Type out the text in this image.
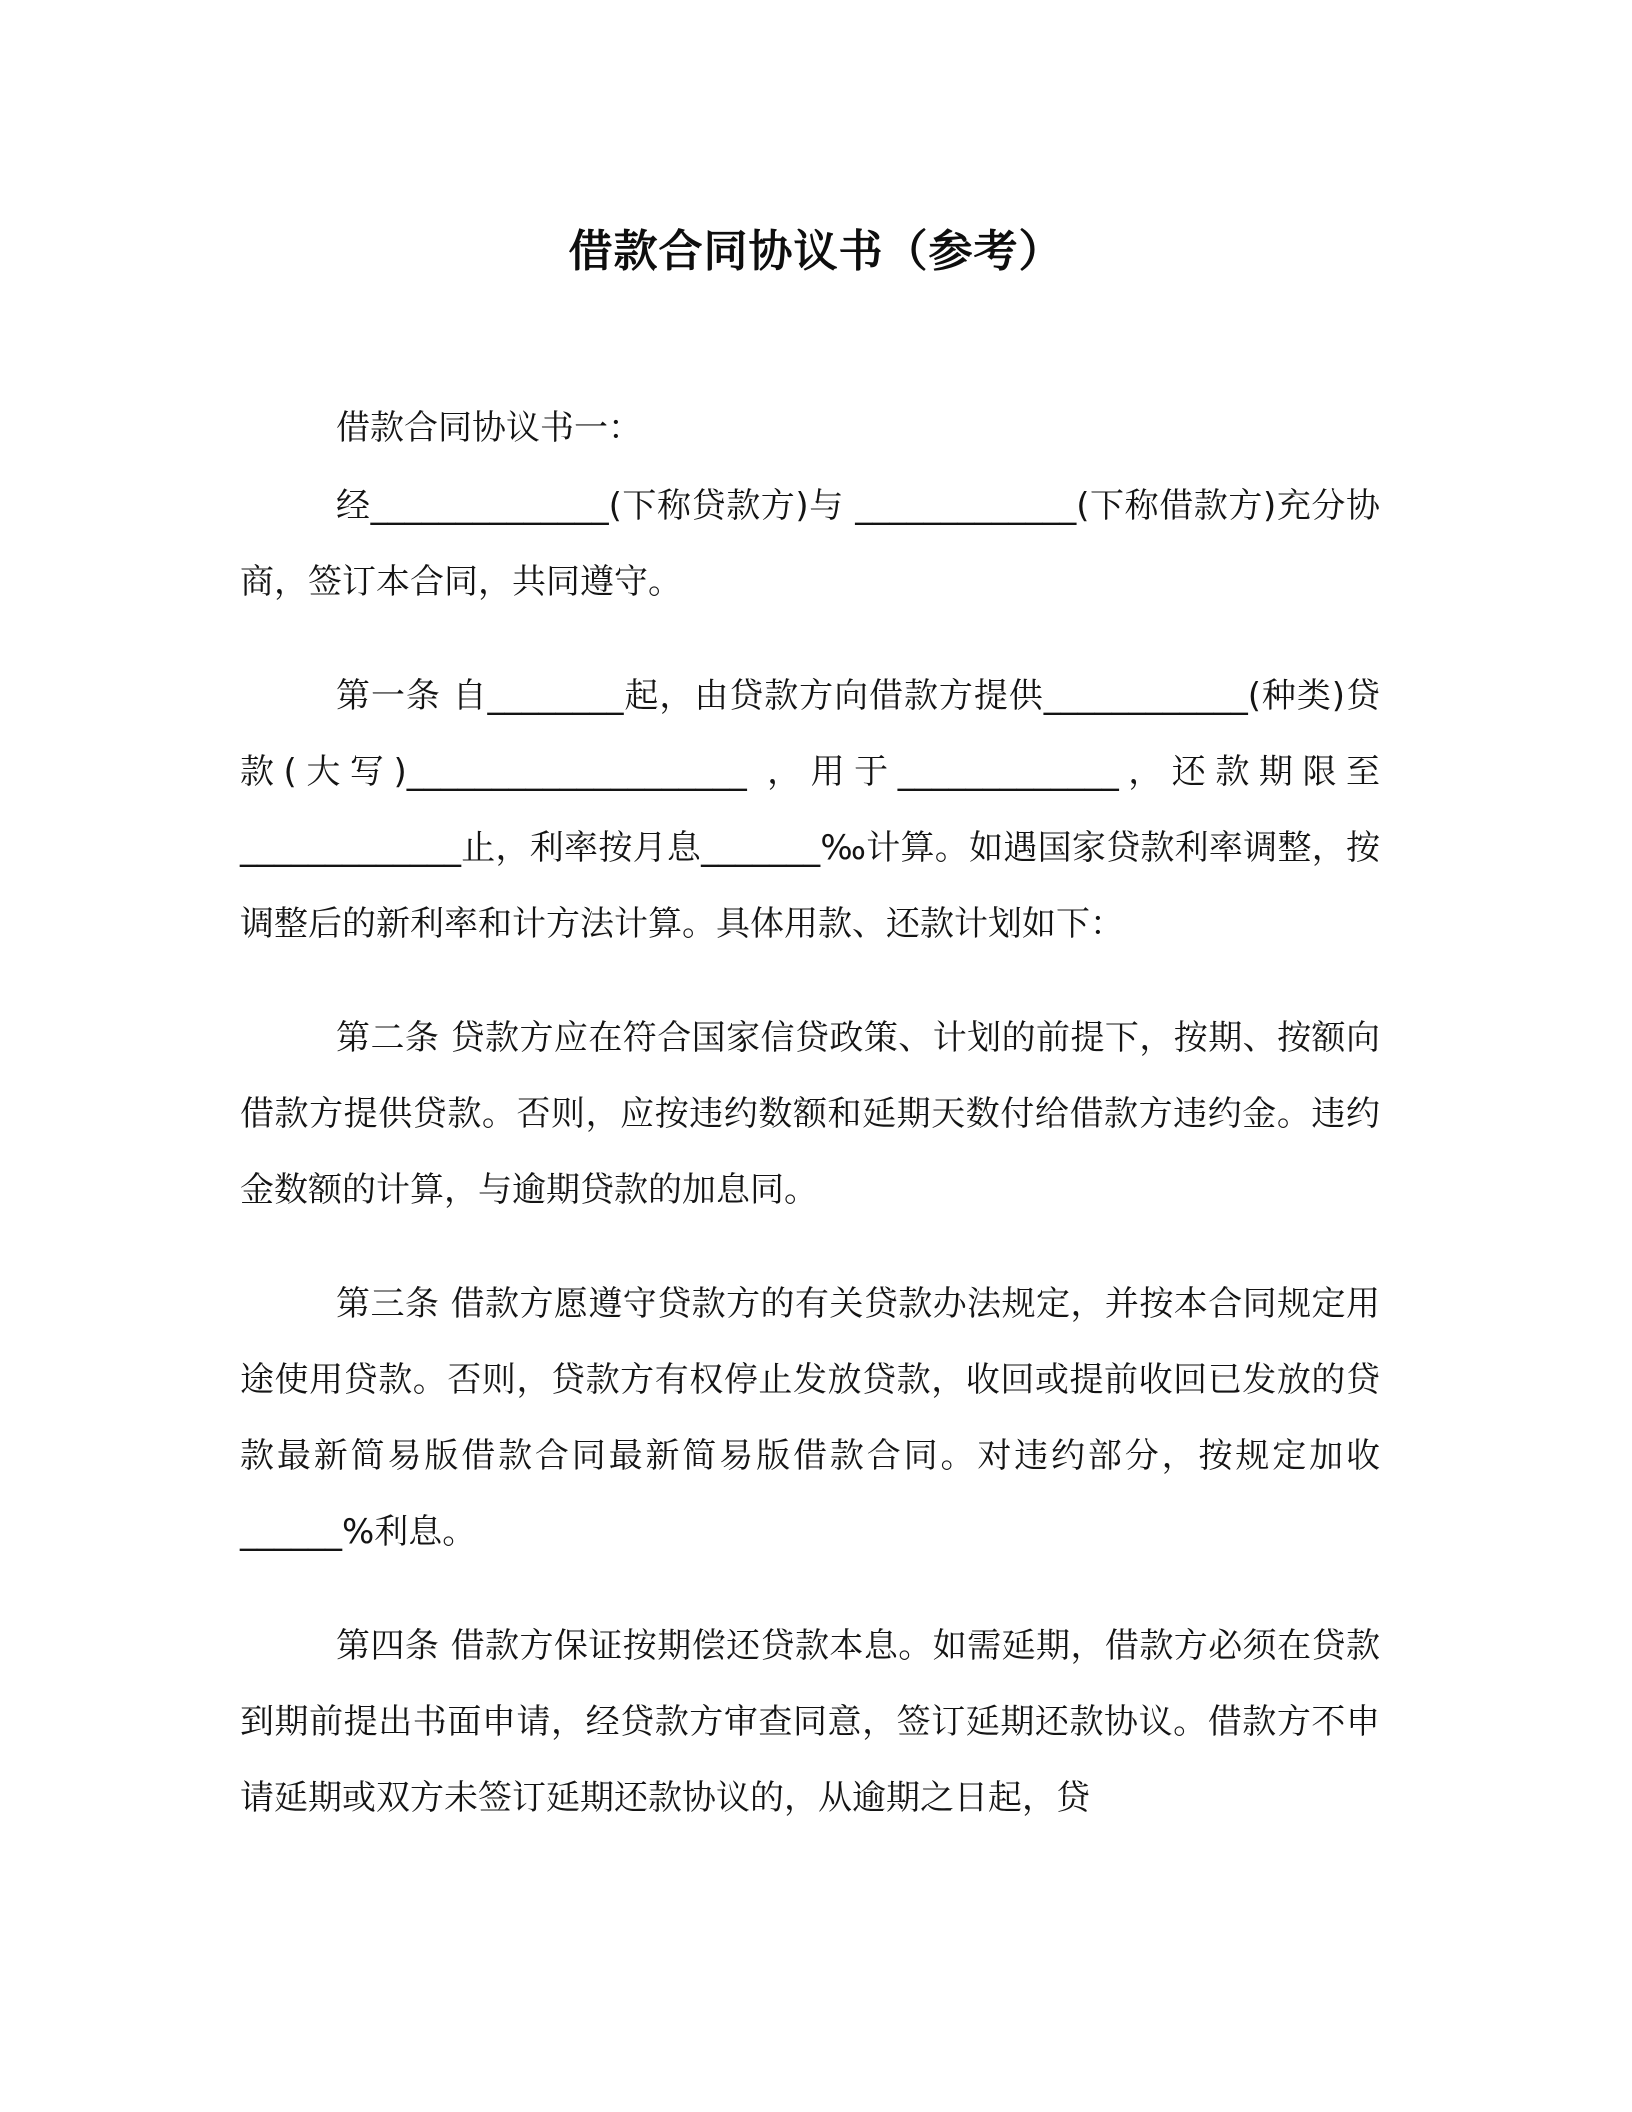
借款合同协议书（参考）

借款合同协议书一：

经______________(下称贷款方)与 _____________(下称借款方)充分协商，签订本合同，共同遵守。

第一条 自________起，由贷款方向借款方提供____________(种类)贷款(大写)____________________ ，用于_____________，还款期限至_____________止，利率按月息_______‰计算。如遇国家贷款利率调整，按调整后的新利率和计方法计算。具体用款、还款计划如下：

第二条 贷款方应在符合国家信贷政策、计划的前提下，按期、按额向借款方提供贷款。否则，应按违约数额和延期天数付给借款方违约金。违约金数额的计算，与逾期贷款的加息同。

第三条 借款方愿遵守贷款方的有关贷款办法规定，并按本合同规定用途使用贷款。否则，贷款方有权停止发放贷款，收回或提前收回已发放的贷款最新简易版借款合同最新简易版借款合同。对违约部分，按规定加收______%利息。

第四条 借款方保证按期偿还贷款本息。如需延期，借款方必须在贷款到期前提出书面申请，经贷款方审查同意，签订延期还款协议。借款方不申请延期或双方未签订延期还款协议的，从逾期之日起，贷
